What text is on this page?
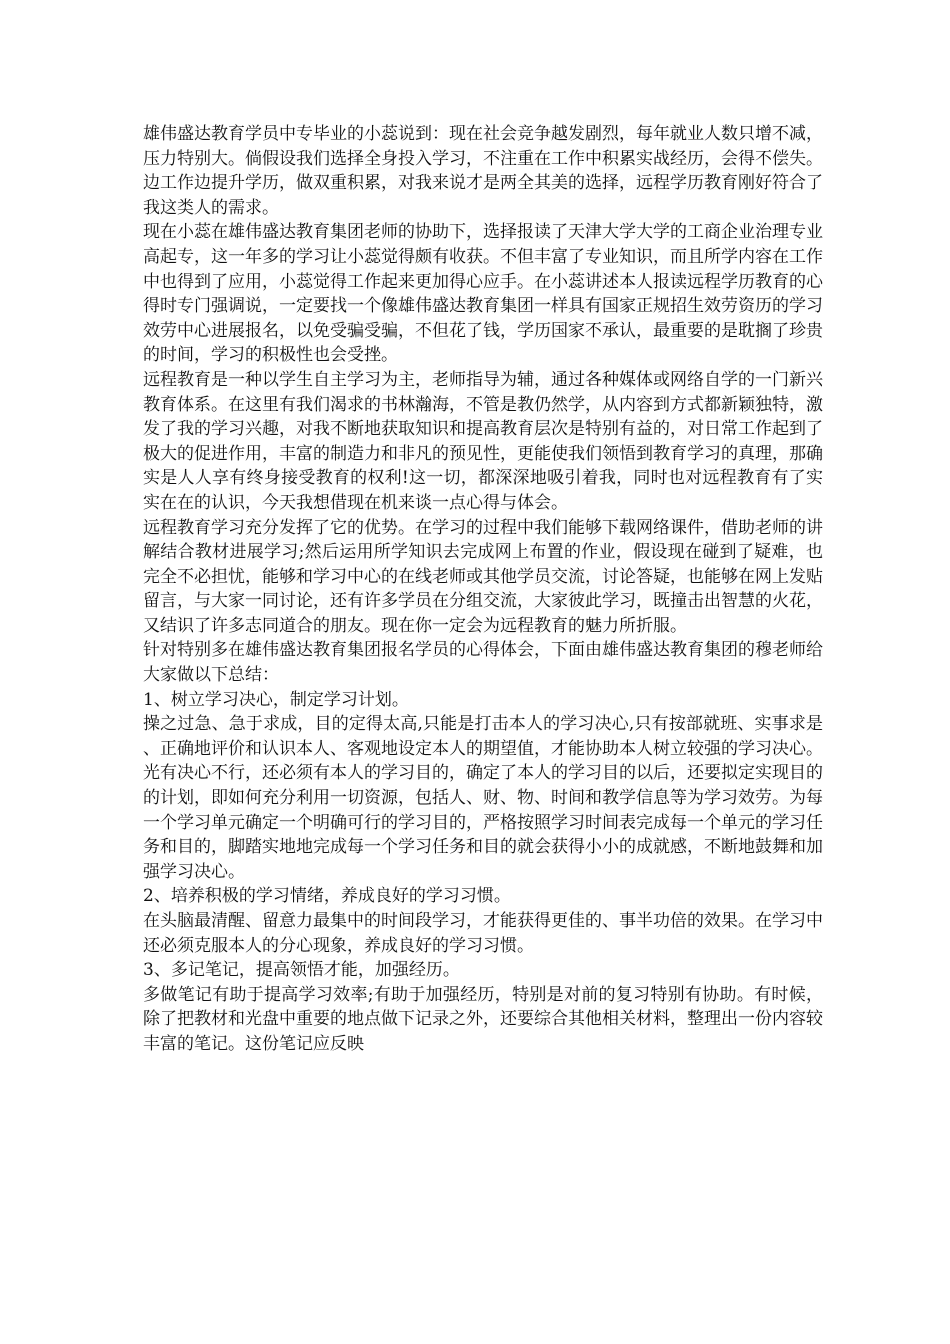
雄伟盛达教育学员中专毕业的小蕊说到：现在社会竞争越发剧烈，每年就业人数只增不减，压力特别大。倘假设我们选择全身投入学习，不注重在工作中积累实战经历，会得不偿失。边工作边提升学历，做双重积累，对我来说才是两全其美的选择，远程学历教育刚好符合了我这类人的需求。

现在小蕊在雄伟盛达教育集团老师的协助下，选择报读了天津大学大学的工商企业治理专业高起专，这一年多的学习让小蕊觉得颇有收获。不但丰富了专业知识，而且所学内容在工作中也得到了应用，小蕊觉得工作起来更加得心应手。在小蕊讲述本人报读远程学历教育的心得时专门强调说，一定要找一个像雄伟盛达教育集团一样具有国家正规招生效劳资历的学习效劳中心进展报名，以免受骗受骗，不但花了钱，学历国家不承认，最重要的是耽搁了珍贵的时间，学习的积极性也会受挫。

远程教育是一种以学生自主学习为主，老师指导为辅，通过各种媒体或网络自学的一门新兴教育体系。在这里有我们渴求的书林瀚海，不管是教仍然学，从内容到方式都新颖独特，激发了我的学习兴趣，对我不断地获取知识和提高教育层次是特别有益的，对日常工作起到了极大的促进作用，丰富的制造力和非凡的预见性，更能使我们领悟到教育学习的真理，那确实是人人享有终身接受教育的权利!这一切，都深深地吸引着我，同时也对远程教育有了实实在在的认识，今天我想借现在机来谈一点心得与体会。

远程教育学习充分发挥了它的优势。在学习的过程中我们能够下载网络课件，借助老师的讲解结合教材进展学习;然后运用所学知识去完成网上布置的作业，假设现在碰到了疑难，也完全不必担忧，能够和学习中心的在线老师或其他学员交流，讨论答疑，也能够在网上发贴留言，与大家一同讨论，还有许多学员在分组交流，大家彼此学习，既撞击出智慧的火花，又结识了许多志同道合的朋友。现在你一定会为远程教育的魅力所折服。

针对特别多在雄伟盛达教育集团报名学员的心得体会，下面由雄伟盛达教育集团的穆老师给大家做以下总结：

1、树立学习决心，制定学习计划。

操之过急、急于求成，目的定得太高,只能是打击本人的学习决心,只有按部就班、实事求是、正确地评价和认识本人、客观地设定本人的期望值，才能协助本人树立较强的学习决心。

光有决心不行，还必须有本人的学习目的，确定了本人的学习目的以后，还要拟定实现目的的计划，即如何充分利用一切资源，包括人、财、物、时间和教学信息等为学习效劳。为每一个学习单元确定一个明确可行的学习目的，严格按照学习时间表完成每一个单元的学习任务和目的，脚踏实地地完成每一个学习任务和目的就会获得小小的成就感，不断地鼓舞和加强学习决心。

2、培养积极的学习情绪，养成良好的学习习惯。

在头脑最清醒、留意力最集中的时间段学习，才能获得更佳的、事半功倍的效果。在学习中还必须克服本人的分心现象，养成良好的学习习惯。

3、多记笔记，提高领悟才能，加强经历。

多做笔记有助于提高学习效率;有助于加强经历，特别是对前的复习特别有协助。有时候，除了把教材和光盘中重要的地点做下记录之外，还要综合其他相关材料，整理出一份内容较丰富的笔记。这份笔记应反映
